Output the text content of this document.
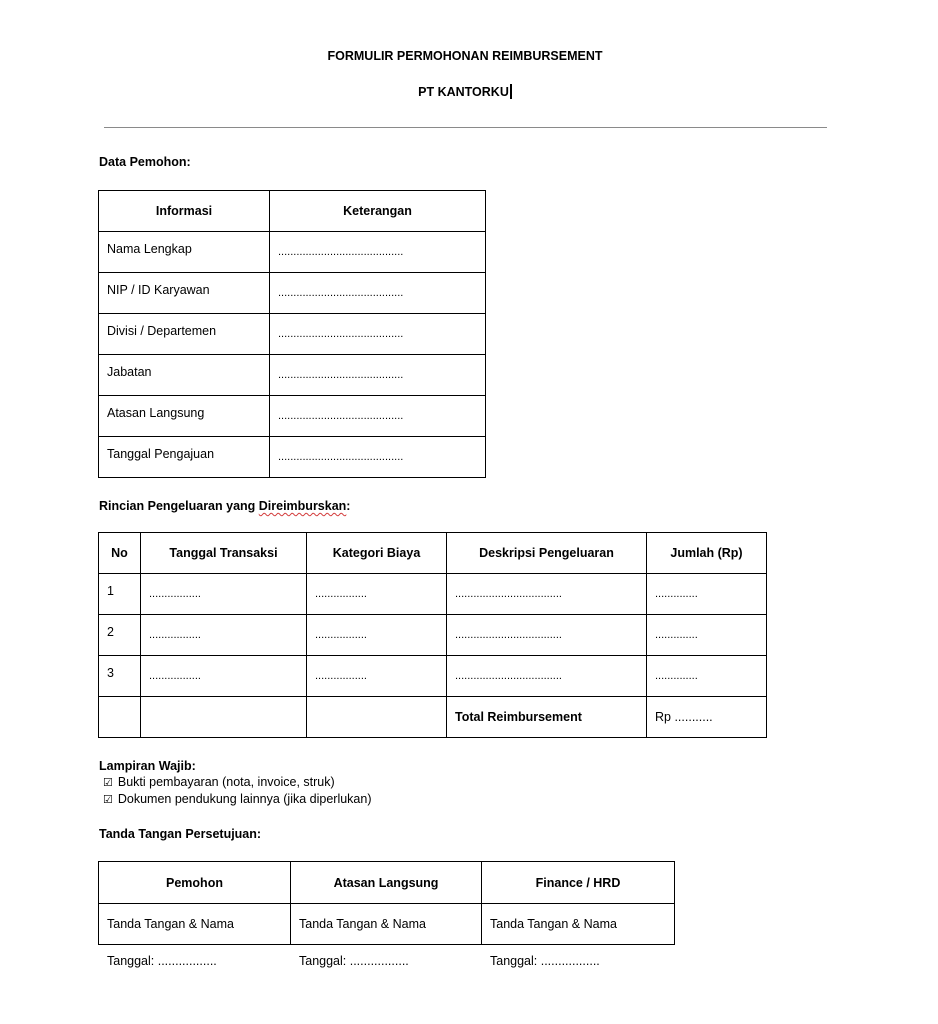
FORMULIR PERMOHONAN REIMBURSEMENT
PT KANTORKU
Data Pemohon:
Informasi	Keterangan
Nama Lengkap	.........................................
NIP / ID Karyawan	.........................................
Divisi / Departemen	.........................................
Jabatan	.........................................
Atasan Langsung	.........................................
Tanggal Pengajuan	.........................................
Rincian Pengeluaran yang Direimburskan:
No	Tanggal Transaksi	Kategori Biaya	Deskripsi Pengeluaran	Jumlah (Rp)
1	.................	.................	...................................	..............
2	.................	.................	...................................	..............
3	.................	.................	...................................	..............
			Total Reimbursement	Rp ...........
Lampiran Wajib:
☑ Bukti pembayaran (nota, invoice, struk)
☑ Dokumen pendukung lainnya (jika diperlukan)
Tanda Tangan Persetujuan:
Pemohon	Atasan Langsung	Finance / HRD
Tanda Tangan & Nama	Tanda Tangan & Nama	Tanda Tangan & Nama
Tanggal: .................	Tanggal: .................	Tanggal: .................
